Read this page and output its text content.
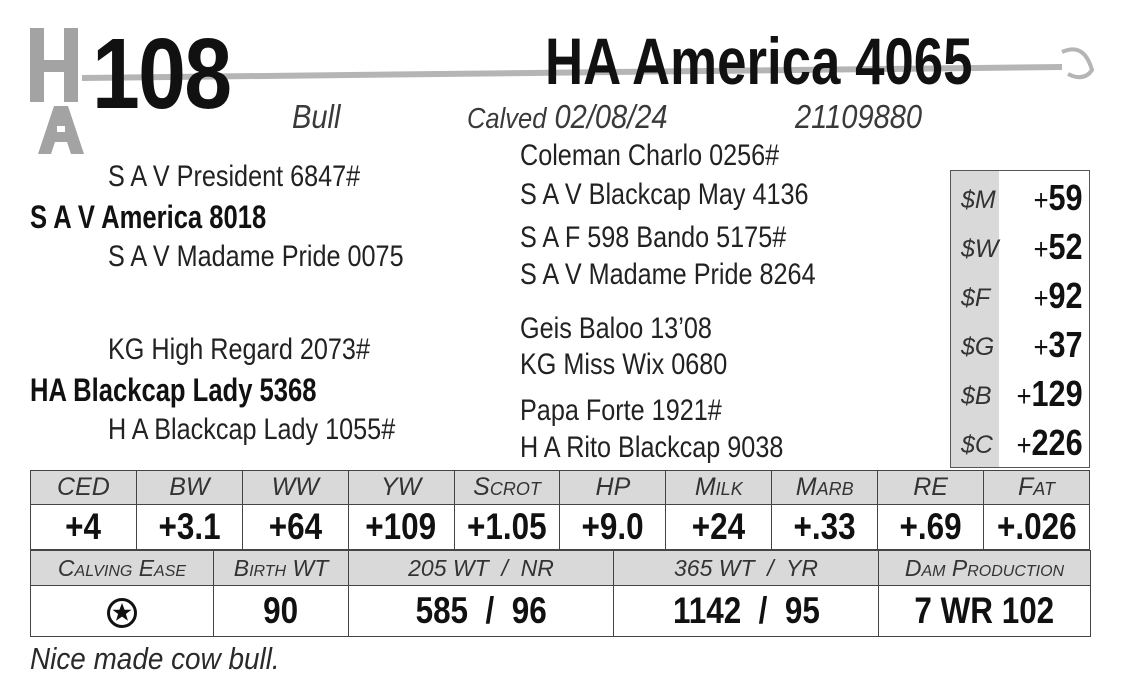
108	HA America 4065
Bull	Calved 02/08/24	21109880
S A V President 6847#
S A V America 8018
S A V Madame Pride 0075
KG High Regard 2073#
HA Blackcap Lady 5368
H A Blackcap Lady 1055#
Coleman Charlo 0256#
S A V Blackcap May 4136
S A F 598 Bando 5175#
S A V Madame Pride 8264
Geis Baloo 13’08
KG Miss Wix 0680
Papa Forte 1921#
H A Rito Blackcap 9038
$M +59
$W +52
$F +92
$G +37
$B +129
$C +226
CED	BW	WW	YW	Scrot	HP	Milk	Marb	RE	Fat
+4	+3.1	+64	+109	+1.05	+9.0	+24	+.33	+.69	+.026
Calving Ease	Birth WT	205 WT  /  NR	365 WT  /  YR	Dam Production
	90	585  /  96	1142  /  95	7 WR 102
Nice made cow bull.
